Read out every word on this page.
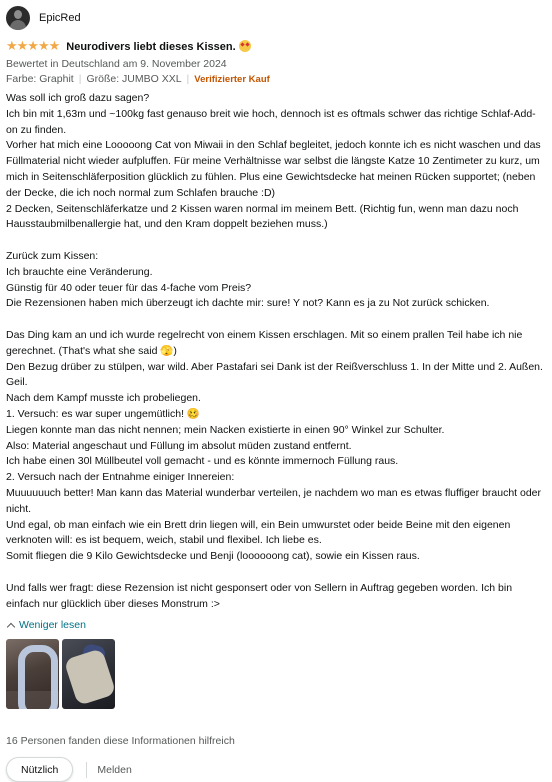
EpicRed
★★★★★ Neurodivers liebt dieses Kissen.
Bewertet in Deutschland am 9. November 2024
Farbe: Graphit | Größe: JUMBO XXL | Verifizierter Kauf
Was soll ich groß dazu sagen?
Ich bin mit 1,63m und ~100kg fast genauso breit wie hoch, dennoch ist es oftmals schwer das richtige Schlaf-Add-on zu finden.
Vorher hat mich eine Looooong Cat von Miwaii in den Schlaf begleitet, jedoch konnte ich es nicht waschen und das Füllmaterial nicht wieder aufpluffen. Für meine Verhältnisse war selbst die längste Katze 10 Zentimeter zu kurz, um mich in Seitenschläferposition glücklich zu fühlen. Plus eine Gewichtsdecke hat meinen Rücken supportet; (neben der Decke, die ich noch normal zum Schlafen brauche :D)
2 Decken, Seitenschläferkatze und 2 Kissen waren normal im meinem Bett. (Richtig fun, wenn man dazu noch Hausstaubmilbenallergie hat, und den Kram doppelt beziehen muss.)

Zurück zum Kissen:
Ich brauchte eine Veränderung.
Günstig für 40 oder teuer für das 4-fache vom Preis?
Die Rezensionen haben mich überzeugt ich dachte mir: sure! Y not? Kann es ja zu Not zurück schicken.

Das Ding kam an und ich wurde regelrecht von einem Kissen erschlagen. Mit so einem prallen Teil habe ich nie gerechnet. (That's what she said 🫣)
Den Bezug drüber zu stülpen, war wild. Aber Pastafari sei Dank ist der Reißverschluss 1. In der Mitte und 2. Außen. Geil.
Nach dem Kampf musste ich probeliegen.
1. Versuch: es war super ungemütlich! 🥴
Liegen konnte man das nicht nennen; mein Nacken existierte in einen 90° Winkel zur Schulter.
Also: Material angeschaut und Füllung im absolut müden zustand entfernt.
Ich habe einen 30l Müllbeutel voll gemacht - und es könnte immernoch Füllung raus.
2. Versuch nach der Entnahme einiger Innereien:
Muuuuuuch better! Man kann das Material wunderbar verteilen, je nachdem wo man es etwas fluffiger braucht oder nicht.
Und egal, ob man einfach wie ein Brett drin liegen will, ein Bein umwurstet oder beide Beine mit den eigenen verknoten will: es ist bequem, weich, stabil und flexibel. Ich liebe es.
Somit fliegen die 9 Kilo Gewichtsdecke und Benji (loooooong cat), sowie ein Kissen raus.

Und falls wer fragt: diese Rezension ist nicht gesponsert oder von Sellern in Auftrag gegeben worden. Ich bin einfach nur glücklich über dieses Monstrum :>
Weniger lesen
16 Personen fanden diese Informationen hilfreich
Nützlich	Melden
